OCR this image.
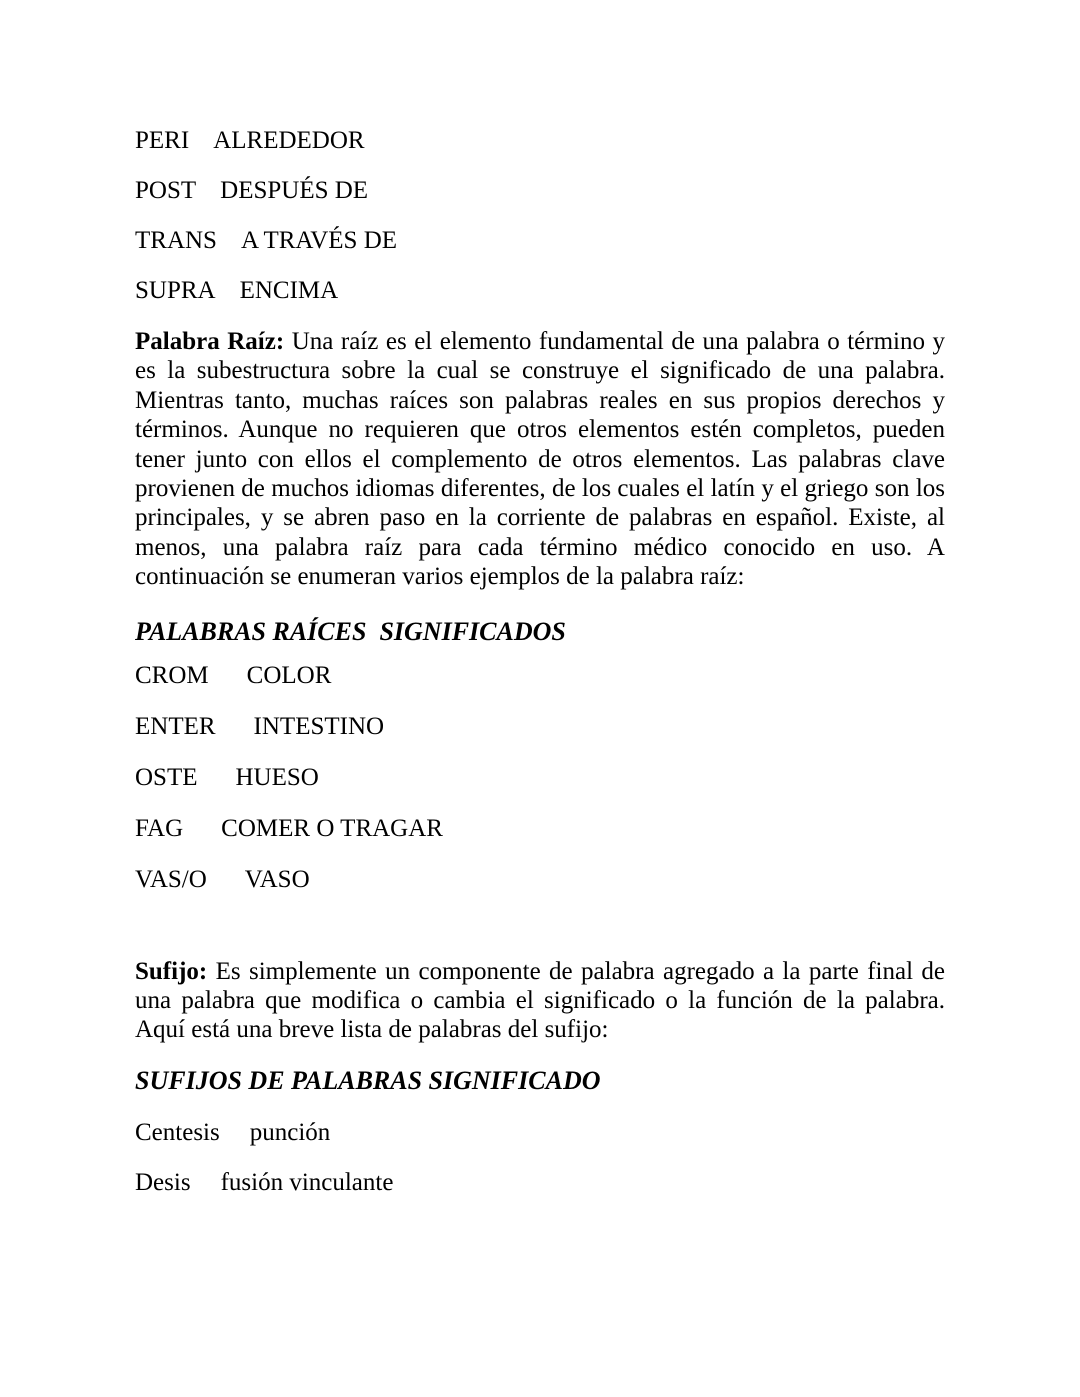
PERI ALREDEDOR
POST DESPUÉS DE
TRANS A TRAVÉS DE
SUPRA ENCIMA

Palabra Raíz: Una raíz es el elemento fundamental de una palabra o término y es la subestructura sobre la cual se construye el significado de una palabra. Mientras tanto, muchas raíces son palabras reales en sus propios derechos y términos. Aunque no requieren que otros elementos estén completos, pueden tener junto con ellos el complemento de otros elementos. Las palabras clave provienen de muchos idiomas diferentes, de los cuales el latín y el griego son los principales, y se abren paso en la corriente de palabras en español. Existe, al menos, una palabra raíz para cada término médico conocido en uso. A continuación se enumeran varios ejemplos de la palabra raíz:

PALABRAS RAÍCES  SIGNIFICADOS
CROM COLOR
ENTER INTESTINO
OSTE HUESO
FAG COMER O TRAGAR
VAS/O VASO

Sufijo: Es simplemente un componente de palabra agregado a la parte final de una palabra que modifica o cambia el significado o la función de la palabra. Aquí está una breve lista de palabras del sufijo:

SUFIJOS DE PALABRAS SIGNIFICADO
Centesis punción
Desis fusión vinculante
